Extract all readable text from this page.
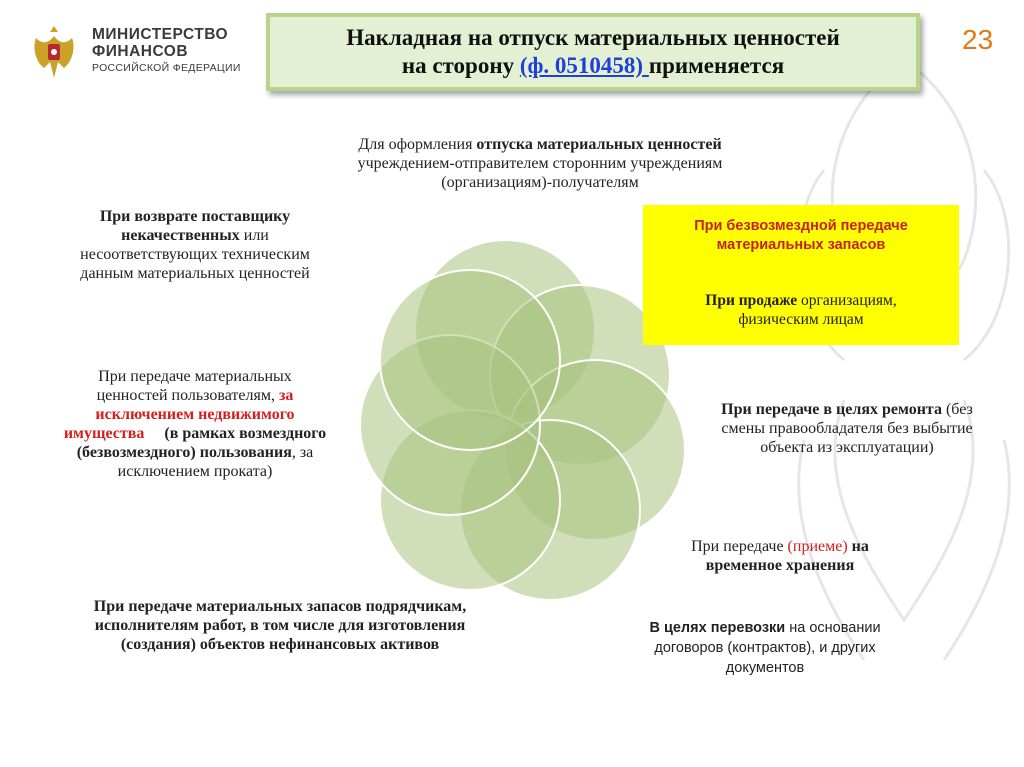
МИНИСТЕРСТВО
ФИНАНСОВ
РОССИЙСКОЙ ФЕДЕРАЦИИ
Накладная на отпуск материальных ценностей
на сторону (ф. 0510458) применяется
23
Для оформления отпуска материальных ценностей
учреждением-отправителем сторонним учреждениям
(организациям)-получателям
При возврате поставщику
некачественных или
несоответствующих техническим
данным материальных ценностей
При передаче материальных
ценностей пользователям, за
исключением недвижимого
имущества     (в рамках возмездного
(безвозмездного) пользования, за
исключением проката)
При безвозмездной передаче
материальных запасов
При продаже организациям,
физическим лицам
При передаче в целях ремонта (без
смены правообладателя без выбытие
объекта из эксплуатации)
При передаче (приеме) на
временное хранения
При передаче материальных запасов подрядчикам,
исполнителям работ, в том числе для изготовления
(создания) объектов нефинансовых активов
В целях перевозки на основании
договоров (контрактов), и других
документов
